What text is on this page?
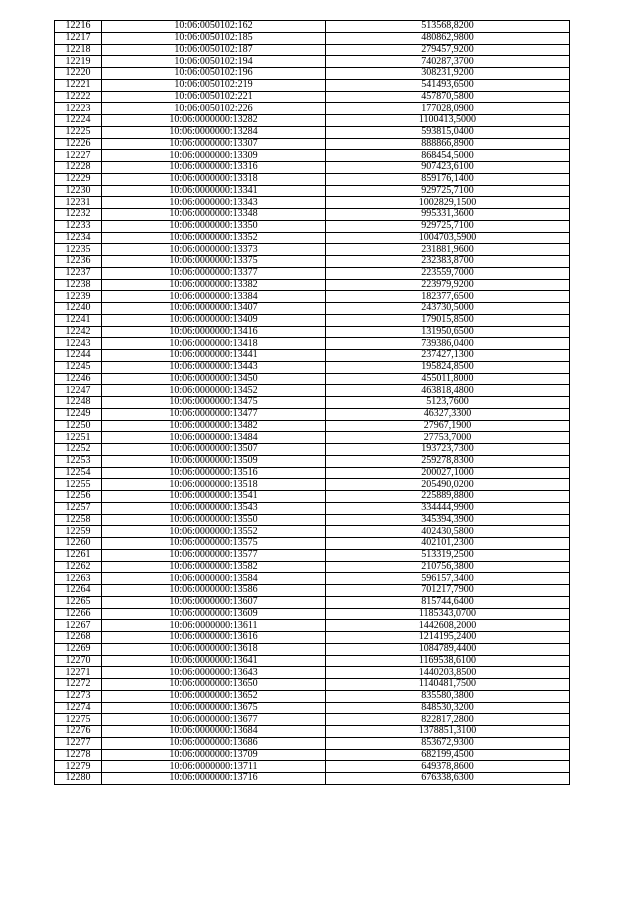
12216	10:06:0050102:162	513568,8200
12217	10:06:0050102:185	480862,9800
12218	10:06:0050102:187	279457,9200
12219	10:06:0050102:194	740287,3700
12220	10:06:0050102:196	308231,9200
12221	10:06:0050102:219	541493,6500
12222	10:06:0050102:221	457870,5800
12223	10:06:0050102:226	177028,0900
12224	10:06:0000000:13282	1100413,5000
12225	10:06:0000000:13284	593815,0400
12226	10:06:0000000:13307	888866,8900
12227	10:06:0000000:13309	868454,5000
12228	10:06:0000000:13316	907423,6100
12229	10:06:0000000:13318	859176,1400
12230	10:06:0000000:13341	929725,7100
12231	10:06:0000000:13343	1002829,1500
12232	10:06:0000000:13348	995331,3600
12233	10:06:0000000:13350	929725,7100
12234	10:06:0000000:13352	1004703,5900
12235	10:06:0000000:13373	231881,9600
12236	10:06:0000000:13375	232383,8700
12237	10:06:0000000:13377	223559,7000
12238	10:06:0000000:13382	223979,9200
12239	10:06:0000000:13384	182377,6500
12240	10:06:0000000:13407	243730,5000
12241	10:06:0000000:13409	179015,8500
12242	10:06:0000000:13416	131950,6500
12243	10:06:0000000:13418	739386,0400
12244	10:06:0000000:13441	237427,1300
12245	10:06:0000000:13443	195824,8500
12246	10:06:0000000:13450	455011,8000
12247	10:06:0000000:13452	463818,4800
12248	10:06:0000000:13475	5123,7600
12249	10:06:0000000:13477	46327,3300
12250	10:06:0000000:13482	27967,1900
12251	10:06:0000000:13484	27753,7000
12252	10:06:0000000:13507	193723,7300
12253	10:06:0000000:13509	259278,8300
12254	10:06:0000000:13516	200027,1000
12255	10:06:0000000:13518	205490,0200
12256	10:06:0000000:13541	225889,8800
12257	10:06:0000000:13543	334444,9900
12258	10:06:0000000:13550	345394,3900
12259	10:06:0000000:13552	402430,5800
12260	10:06:0000000:13575	402101,2300
12261	10:06:0000000:13577	513319,2500
12262	10:06:0000000:13582	210756,3800
12263	10:06:0000000:13584	596157,3400
12264	10:06:0000000:13586	701217,7900
12265	10:06:0000000:13607	815744,6400
12266	10:06:0000000:13609	1185343,0700
12267	10:06:0000000:13611	1442608,2000
12268	10:06:0000000:13616	1214195,2400
12269	10:06:0000000:13618	1084789,4400
12270	10:06:0000000:13641	1169538,6100
12271	10:06:0000000:13643	1440203,8500
12272	10:06:0000000:13650	1140481,7500
12273	10:06:0000000:13652	835580,3800
12274	10:06:0000000:13675	848530,3200
12275	10:06:0000000:13677	822817,2800
12276	10:06:0000000:13684	1378851,3100
12277	10:06:0000000:13686	853672,9300
12278	10:06:0000000:13709	682199,4500
12279	10:06:0000000:13711	649378,8600
12280	10:06:0000000:13716	676338,6300
